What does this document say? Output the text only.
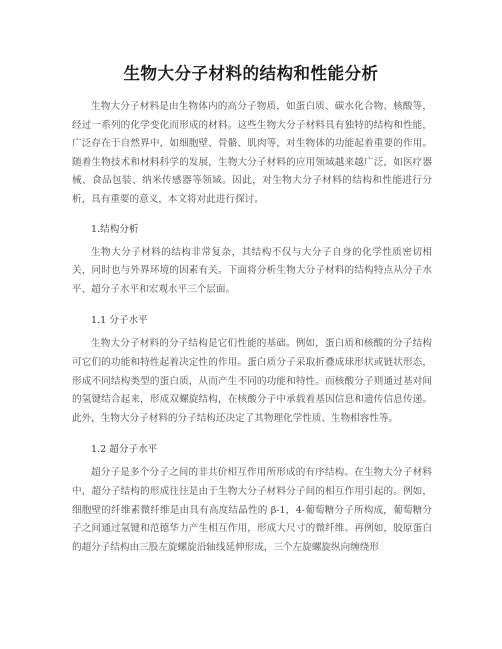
生物大分子材料的结构和性能分析

生物大分子材料是由生物体内的高分子物质，如蛋白质、碳水化合物、核酸等，经过一系列的化学变化而形成的材料。这些生物大分子材料具有独特的结构和性能，广泛存在于自然界中，如细胞壁、骨骼、肌肉等，对生物体的功能起着重要的作用。随着生物技术和材料科学的发展，生物大分子材料的应用领域越来越广泛，如医疗器械、食品包装、纳米传感器等领域。因此，对生物大分子材料的结构和性能进行分析，具有重要的意义，本文将对此进行探讨。

1.结构分析

生物大分子材料的结构非常复杂，其结构不仅与大分子自身的化学性质密切相关，同时也与外界环境的因素有关。下面将分析生物大分子材料的结构特点从分子水平、超分子水平和宏观水平三个层面。

1.1 分子水平

生物大分子材料的分子结构是它们性能的基础。例如，蛋白质和核酸的分子结构可它们的功能和特性起着决定性的作用。蛋白质分子采取折叠成球形状或链状形态，形成不同结构类型的蛋白质，从而产生不同的功能和特性。而核酸分子则通过基对间的氢键结合起来，形成双螺旋结构，在核酸分子中承载着基因信息和遗传信息传递。此外，生物大分子材料的分子结构还决定了其物理化学性质、生物相容性等。

1.2 超分子水平

超分子是多个分子之间的非共价相互作用所形成的有序结构。在生物大分子材料中，超分子结构的形成往往是由于生物大分子材料分子间的相互作用引起的。例如，细胞壁的纤维素微纤维是由具有高度结晶性的 β-1，4-葡萄糖分子所构成，葡萄糖分子之间通过氢键和范德华力产生相互作用，形成大尺寸的微纤维。再例如，胶原蛋白的超分子结构由三股左旋螺旋沿轴线延伸形成，三个左旋螺旋纵向缠绕形
